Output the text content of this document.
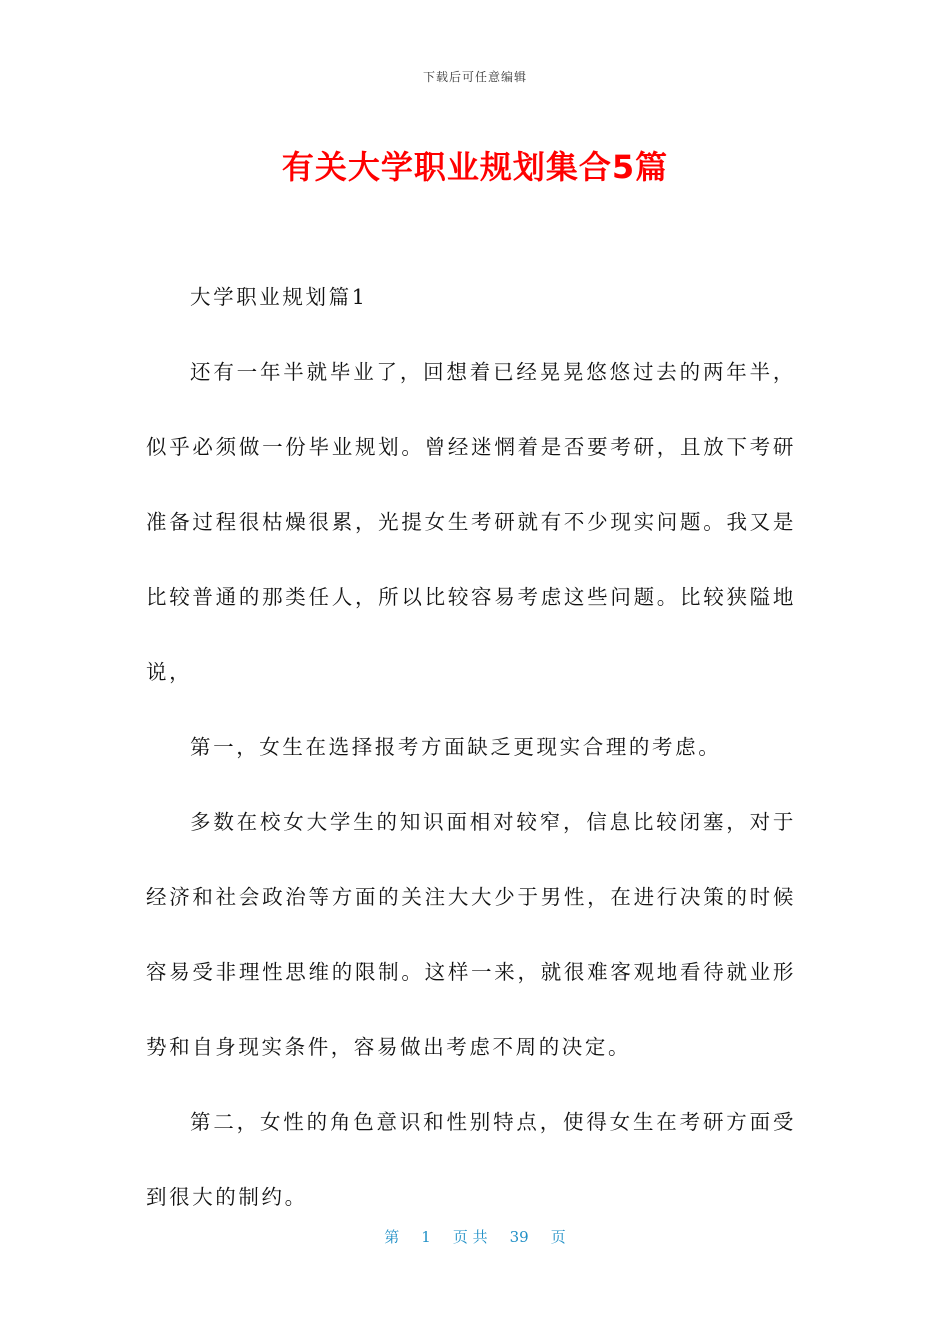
下载后可任意编辑
有关大学职业规划集合5篇

大学职业规划篇1

还有一年半就毕业了，回想着已经晃晃悠悠过去的两年半，似乎必须做一份毕业规划。曾经迷惘着是否要考研，且放下考研准备过程很枯燥很累，光提女生考研就有不少现实问题。我又是比较普通的那类任人，所以比较容易考虑这些问题。比较狭隘地说，

第一，女生在选择报考方面缺乏更现实合理的考虑。

多数在校女大学生的知识面相对较窄，信息比较闭塞，对于经济和社会政治等方面的关注大大少于男性，在进行决策的时候容易受非理性思维的限制。这样一来，就很难客观地看待就业形势和自身现实条件，容易做出考虑不周的决定。

第二，女性的角色意识和性别特点，使得女生在考研方面受到很大的制约。

第 1 页 共 39 页
